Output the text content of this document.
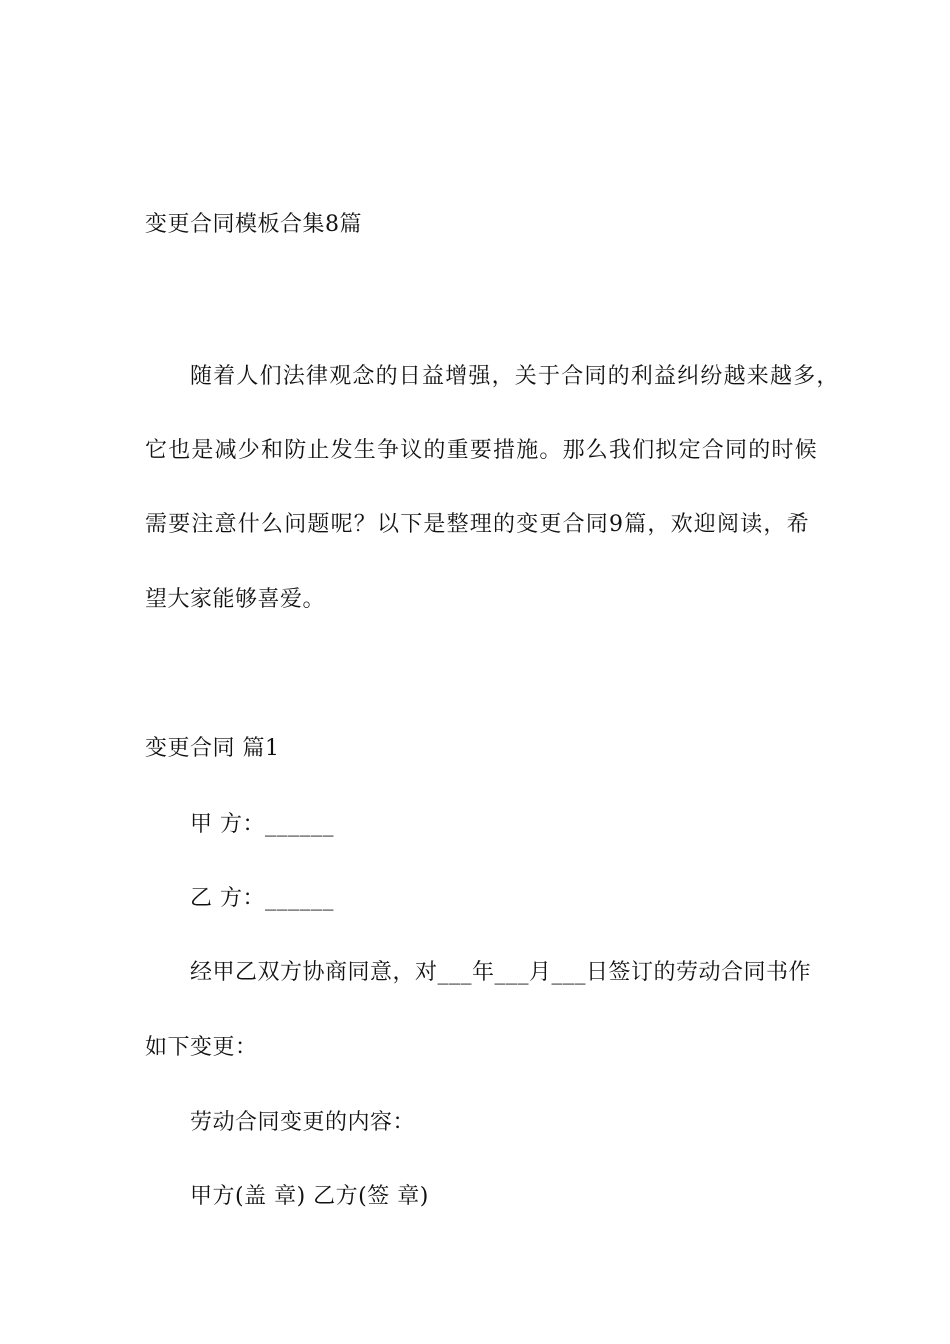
变更合同模板合集8篇
随着人们法律观念的日益增强，关于合同的利益纠纷越来越多，
它也是减少和防止发生争议的重要措施。那么我们拟定合同的时候
需要注意什么问题呢？以下是整理的变更合同9篇，欢迎阅读，希
望大家能够喜爱。
变更合同 篇1
甲 方：______
乙 方：______
经甲乙双方协商同意，对___年___月___日签订的劳动合同书作
如下变更：
劳动合同变更的内容：
甲方(盖 章) 乙方(签 章)
